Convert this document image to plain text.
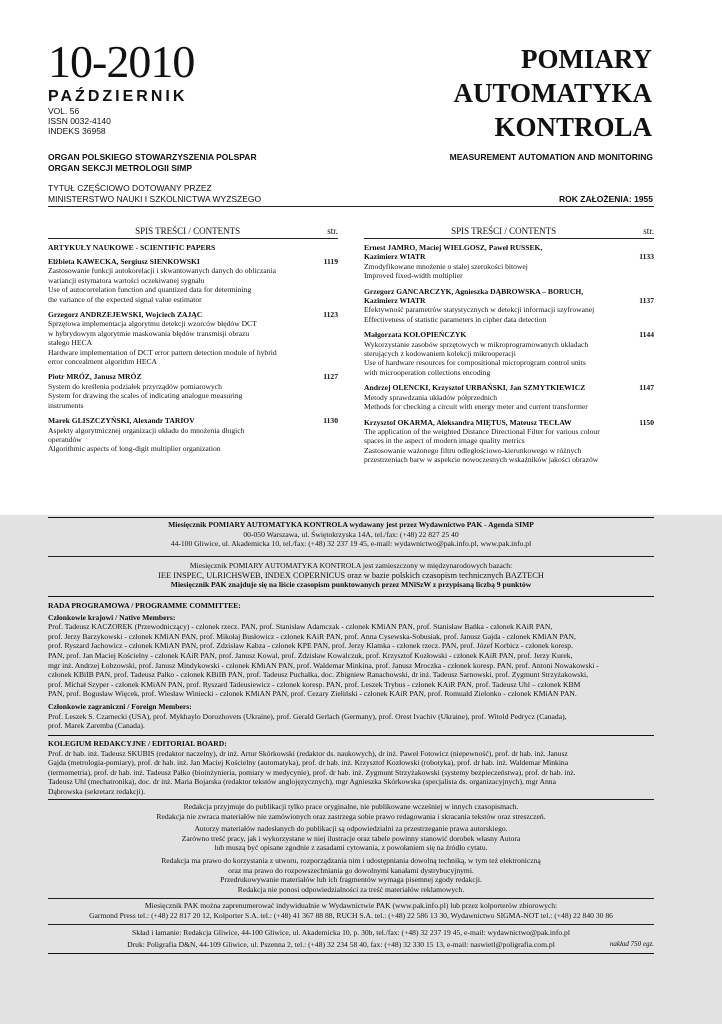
10-2010
PAŹDZIERNIK
VOL. 56
ISSN 0032-4140
INDEKS 36958
POMIARY
AUTOMATYKA
KONTROLA
ORGAN POLSKIEGO STOWARZYSZENIA POLSPAR
ORGAN SEKCJI METROLOGII SIMP
MEASUREMENT AUTOMATION AND MONITORING
TYTUŁ CZĘŚCIOWO DOTOWANY PRZEZ
MINISTERSTWO NAUKI I SZKOLNICTWA WYŻSZEGO	ROK ZAŁOŻENIA: 1955
SPIS TREŚCI / CONTENTS	str.
ARTYKUŁY NAUKOWE - SCIENTIFIC PAPERS
Elżbieta KAWECKA, Sergiusz SIENKOWSKI	1119
Zastosowanie funkcji autokorelacji i skwantowanych danych do obliczania
wariancji estymatora wartości oczekiwanej sygnału
Use of autocorrelation function and quantized data for determining
the variance of the expected signal value estimator
Grzegorz ANDRZEJEWSKI, Wojciech ZAJĄC	1123
Sprzętowa implementacja algorytmu detekcji wzorców błędów DCT
w hybrydowym algorytmie maskowania błędów transmisji obrazu
stałego HECA
Hardware implementation of DCT error pattern detection module of hybrid
error concealment algorithm HECA
Piotr MRÓZ, Janusz MRÓZ	1127
System do kreślenia podziałek przyrządów pomiarowych
System for drawing the scales of indicating analogue measuring
instruments
Marek GLISZCZYŃSKI, Alexandr TARIOV	1130
Aspekty algorytmicznej organizacji układu do mnożenia długich
operandów
Algorithmic aspects of long-digit multiplier organization
SPIS TREŚCI / CONTENTS	str.
Ernest JAMRO, Maciej WIELGOSZ, Paweł RUSSEK,
Kazimierz WIATR	1133
Zmodyfikowane mnożenie o stałej szerokości bitowej
Improved fixed-width multiplier
Grzegorz GANCARCZYK, Agnieszka DĄBROWSKA – BORUCH,
Kazimierz WIATR	1137
Efektywność parametrów statystycznych w detekcji informacji szyfrowanej
Effectiveness of statistic parameters in cipher data detection
Małgorzata KOŁOPIEŃCZYK	1144
Wykorzystanie zasobów sprzętowych w mikroprogramowanych układach
sterujących z kodowaniem kolekcji mikrooperacji
Use of hardware resources for compositional microprogram control units
with microoperation collections encoding
Andrzej OLENCKI, Krzysztof URBAŃSKI, Jan SZMYTKIEWICZ	1147
Metody sprawdzania układów półprzednich
Methods for checking a circuit with energy meter and current transformer
Krzysztof OKARMA, Aleksandra MIĘTUS, Mateusz TECŁAW	1150
The application of the weighted Distance Directional Filter for various colour
spaces in the aspect of modern image quality metrics
Zastosowanie ważonego filtru odległościowo-kierunkowego w różnych
przestrzeniach barw w aspekcie nowoczesnych wskaźników jakości obrazów
Miesięcznik POMIARY AUTOMATYKA KONTROLA wydawany jest przez Wydawnictwo PAK - Agenda SIMP
00-050 Warszawa, ul. Świętokrzyska 14A, tel./fax: (+48) 22 827 25 40
44-100 Gliwice, ul. Akademicka 10, tel./fax: (+48) 32 237 19 45, e-mail: wydawnictwo@pak.info.pl, www.pak.info.pl
Miesięcznik POMIARY AUTOMATYKA KONTROLA jest zamieszczony w międzynarodowych bazach:
IEE INSPEC, ULRICHSWEB, INDEX COPERNICUS oraz w bazie polskich czasopism technicznych BAZTECH
Miesięcznik PAK znajduje się na liście czasopism punktowanych przez MNiSzW z przypisaną liczbą 9 punktów
RADA PROGRAMOWA / PROGRAMME COMMITTEE:
Członkowie krajowi / Native Members:
Prof. Tadeusz KACZOREK (Przewodniczący) - członek rzecz. PAN, prof. Stanisław Adamczak - członek KMiAN PAN, prof. Stanisław Bańka - członek KAiR PAN,
prof. Jerzy Barzykowski - członek KMiAN PAN, prof. Mikołaj Busłowicz - członek KAiR PAN, prof. Anna Cysewska-Sobusiak, prof. Janusz Gajda - członek KMiAN PAN,
prof. Ryszard Jachowicz - członek KMiAN PAN, prof. Zdzisław Kabza - członek KPE PAN, prof. Jerzy Klamka - członek rzecz. PAN, prof. Józef Korbicz - członek koresp.
PAN, prof. Jan Maciej Kościelny - członek KAiR PAN, prof. Janusz Kowal, prof. Zdzisław Kowalczuk, prof. Krzysztof Kozłowski - członek KAiR PAN, prof. Jerzy Kurek,
mgr inż. Andrzej Łobzowski, prof. Janusz Mindykowski - członek KMiAN PAN, prof. Waldemar Minkina, prof. Janusz Mroczka - członek koresp. PAN, prof. Antoni Nowakowski -
członek KBiIB PAN, prof. Tadeusz Pałko - członek KBiIB PAN, prof. Tadeusz Puchałka, doc. Zbigniew Ranachowski, dr inż. Tadeusz Sarnowski, prof. Zygmunt Strzyżakowski,
prof. Michał Szyper - członek KMiAN PAN, prof. Ryszard Tadeusiewicz - członek koresp. PAN, prof. Leszek Trybus - członek KAiR PAN, prof. Tadeusz Uhl – członek KBM
PAN, prof. Bogusław Więcek, prof. Wiesław Winiecki - członek KMiAN PAN, prof. Cezary Zieliński - członek KAiR PAN, prof. Romuald Zielonko - członek KMiAN PAN.
Członkowie zagraniczni / Foreign Members:
Prof. Leszek S. Czarnecki (USA), prof. Mykhaylo Dorozhovets (Ukraine), prof. Gerald Gerlach (Germany), prof. Orest Ivachiv (Ukraine), prof. Witold Pedrycz (Canada),
prof. Marek Zaremba (Canada).
KOLEGIUM REDAKCYJNE / EDITORIAL BOARD:
Prof. dr hab. inż. Tadeusz SKUBIS (redaktor naczelny), dr inż. Artur Skórkowski (redaktor ds. naukowych), dr inż. Paweł Fotowicz (niepewność), prof. dr hab. inż. Janusz
Gajda (metrologia-pomiary), prof. dr hab. inż. Jan Maciej Kościelny (automatyka), prof. dr hab. inż. Krzysztof Kozłowski (robotyka), prof. dr hab. inż. Waldemar Minkina
(termometria), prof. dr hab. inż. Tadeusz Pałko (bioinżynieria, pomiary w medycynie), prof. dr hab. inż. Zygmunt Strzyżakowski (systemy bezpieczeństwa), prof. dr hab. inż.
Tadeusz Uhl (mechatronika), doc. dr inż. Maria Bojarska (redaktor tekstów anglojęzycznych), mgr Agnieszka Skórkowska (specjalista ds. organizacyjnych), mgr Anna
Dąbrowska (sekretarz redakcji).
Redakcja przyjmuje do publikacji tylko prace oryginalne, nie publikowane wcześniej w innych czasopismach.
Redakcja nie zwraca materiałów nie zamówionych oraz zastrzega sobie prawo redagowania i skracania tekstów oraz streszczeń.
Autorzy materiałów nadesłanych do publikacji są odpowiedzialni za przestrzeganie prawa autorskiego.
Zarówno treść pracy, jak i wykorzystane w niej ilustracje oraz tabele powinny stanowić dorobek własny Autora
lub muszą być opisane zgodnie z zasadami cytowania, z powołaniem się na źródło cytatu.
Redakcja ma prawo do korzystania z utworu, rozporządzania nim i udostępniania dowolną techniką, w tym też elektroniczną
oraz ma prawo do rozpowszechniania go dowolnymi kanałami dystrybucyjnymi.
Przedrukowywanie materiałów lub ich fragmentów wymaga pisemnej zgody redakcji.
Redakcja nie ponosi odpowiedzialności za treść materiałów reklamowych.
Miesięcznik PAK można zaprenumerować indywidualnie w Wydawnictwie PAK (www.pak.info.pl) lub przez kolporterów zbiorowych:
Garmond Press tel.: (+48) 22 817 20 12, Kolporter S.A. tel.: (+48) 41 367 88 88, RUCH S.A. tel.: (+48) 22 586 13 30, Wydawnictwo SIGMA-NOT tel.: (+48) 22 840 30 86
Skład i łamanie: Redakcja Gliwice, 44-100 Gliwice, ul. Akademicka 10, p. 30b, tel./fax: (+48) 32 237 19 45, e-mail: wydawnictwo@pak.info.pl
Druk: Poligrafia D&N, 44-109 Gliwice, ul. Pszenna 2, tel.: (+48) 32 234 58 40, fax: (+48) 32 330 15 13, e-mail: naswietl@poligrafia.com.pl	nakład 750 egz.
